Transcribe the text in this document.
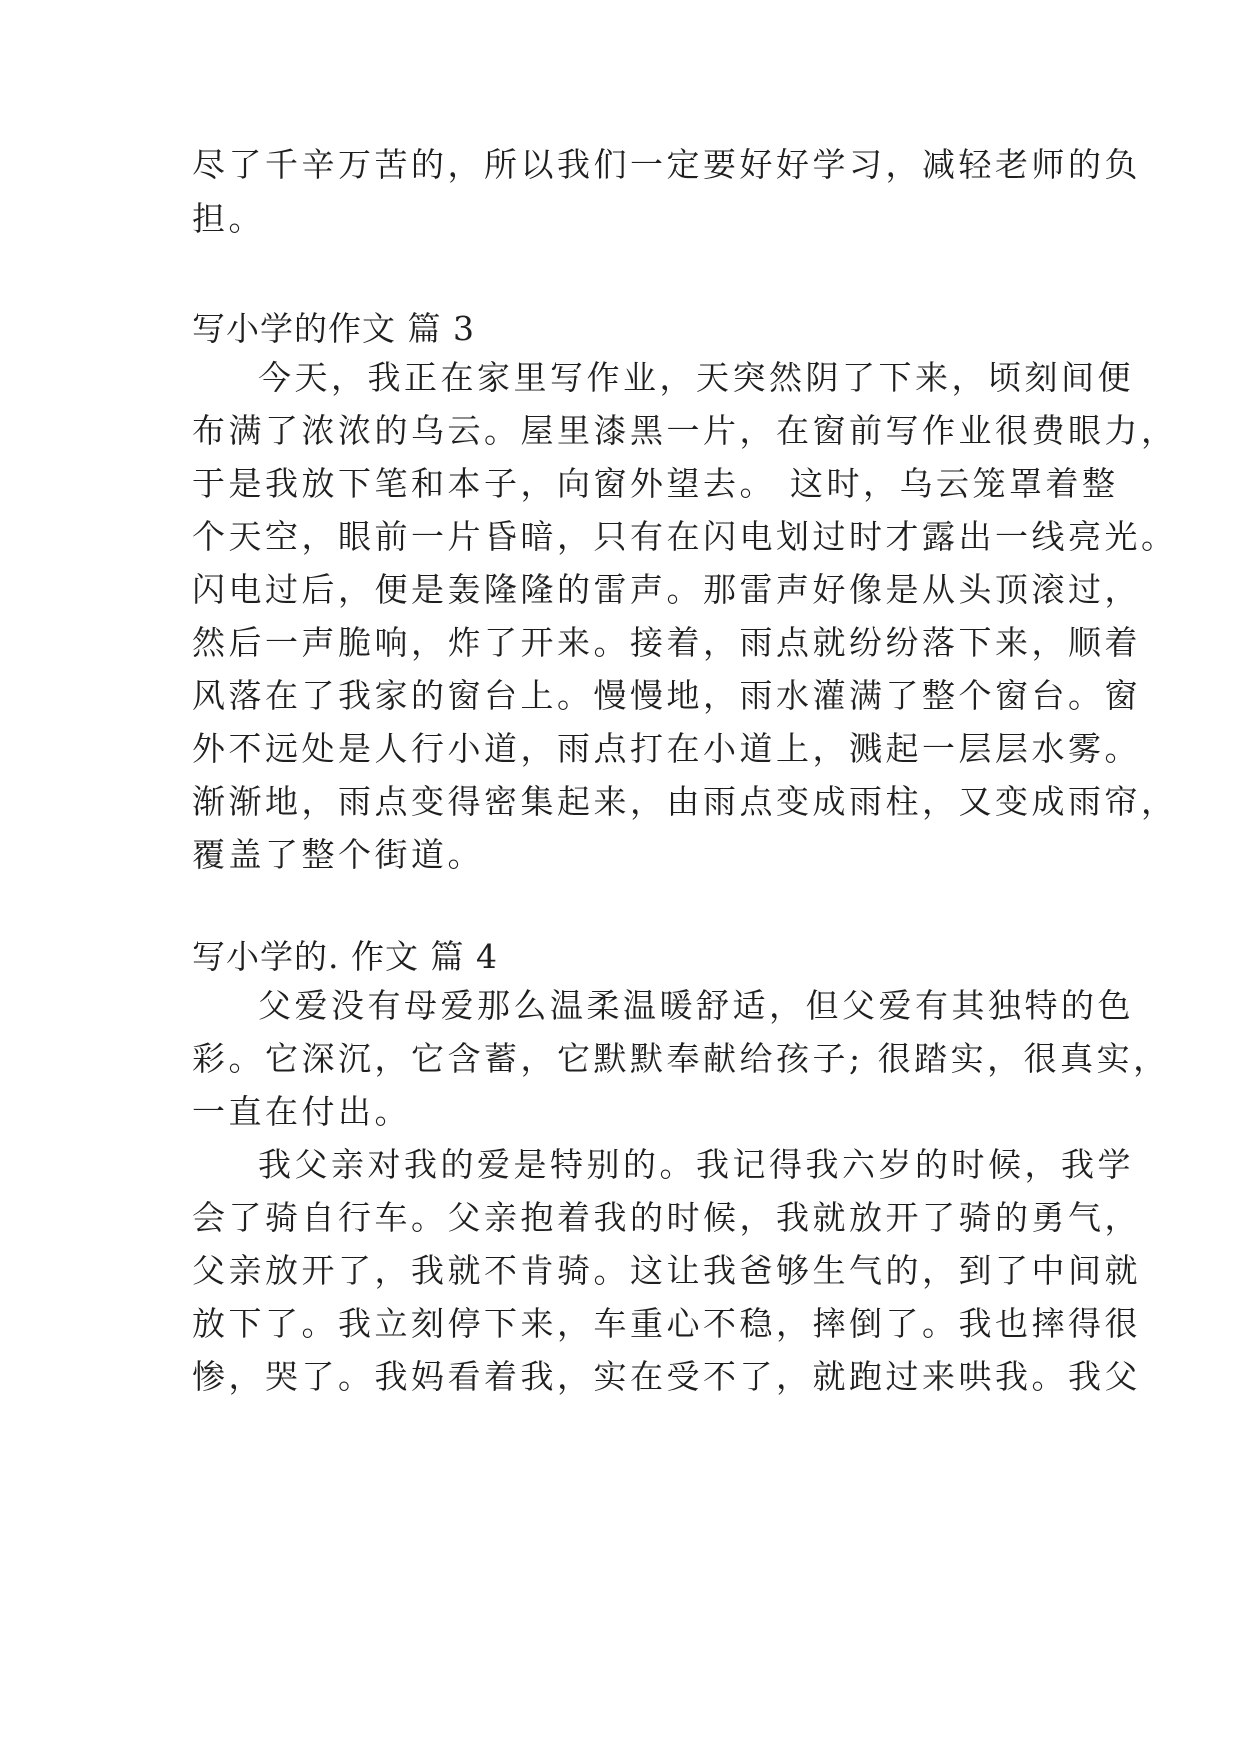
尽了千辛万苦的，所以我们一定要好好学习，减轻老师的负
担。
写小学的作文 篇 3
今天，我正在家里写作业，天突然阴了下来，顷刻间便
布满了浓浓的乌云。屋里漆黑一片，在窗前写作业很费眼力，
于是我放下笔和本子，向窗外望去。 这时，乌云笼罩着整
个天空，眼前一片昏暗，只有在闪电划过时才露出一线亮光。
闪电过后，便是轰隆隆的雷声。那雷声好像是从头顶滚过，
然后一声脆响，炸了开来。接着，雨点就纷纷落下来，顺着
风落在了我家的窗台上。慢慢地，雨水灌满了整个窗台。窗
外不远处是人行小道，雨点打在小道上，溅起一层层水雾。
渐渐地，雨点变得密集起来，由雨点变成雨柱，又变成雨帘，
覆盖了整个街道。
写小学的. 作文 篇 4
父爱没有母爱那么温柔温暖舒适，但父爱有其独特的色
彩。它深沉，它含蓄，它默默奉献给孩子; 很踏实，很真实，
一直在付出。
我父亲对我的爱是特别的。我记得我六岁的时候，我学
会了骑自行车。父亲抱着我的时候，我就放开了骑的勇气，
父亲放开了，我就不肯骑。这让我爸够生气的，到了中间就
放下了。我立刻停下来，车重心不稳，摔倒了。我也摔得很
惨，哭了。我妈看着我，实在受不了，就跑过来哄我。我父
